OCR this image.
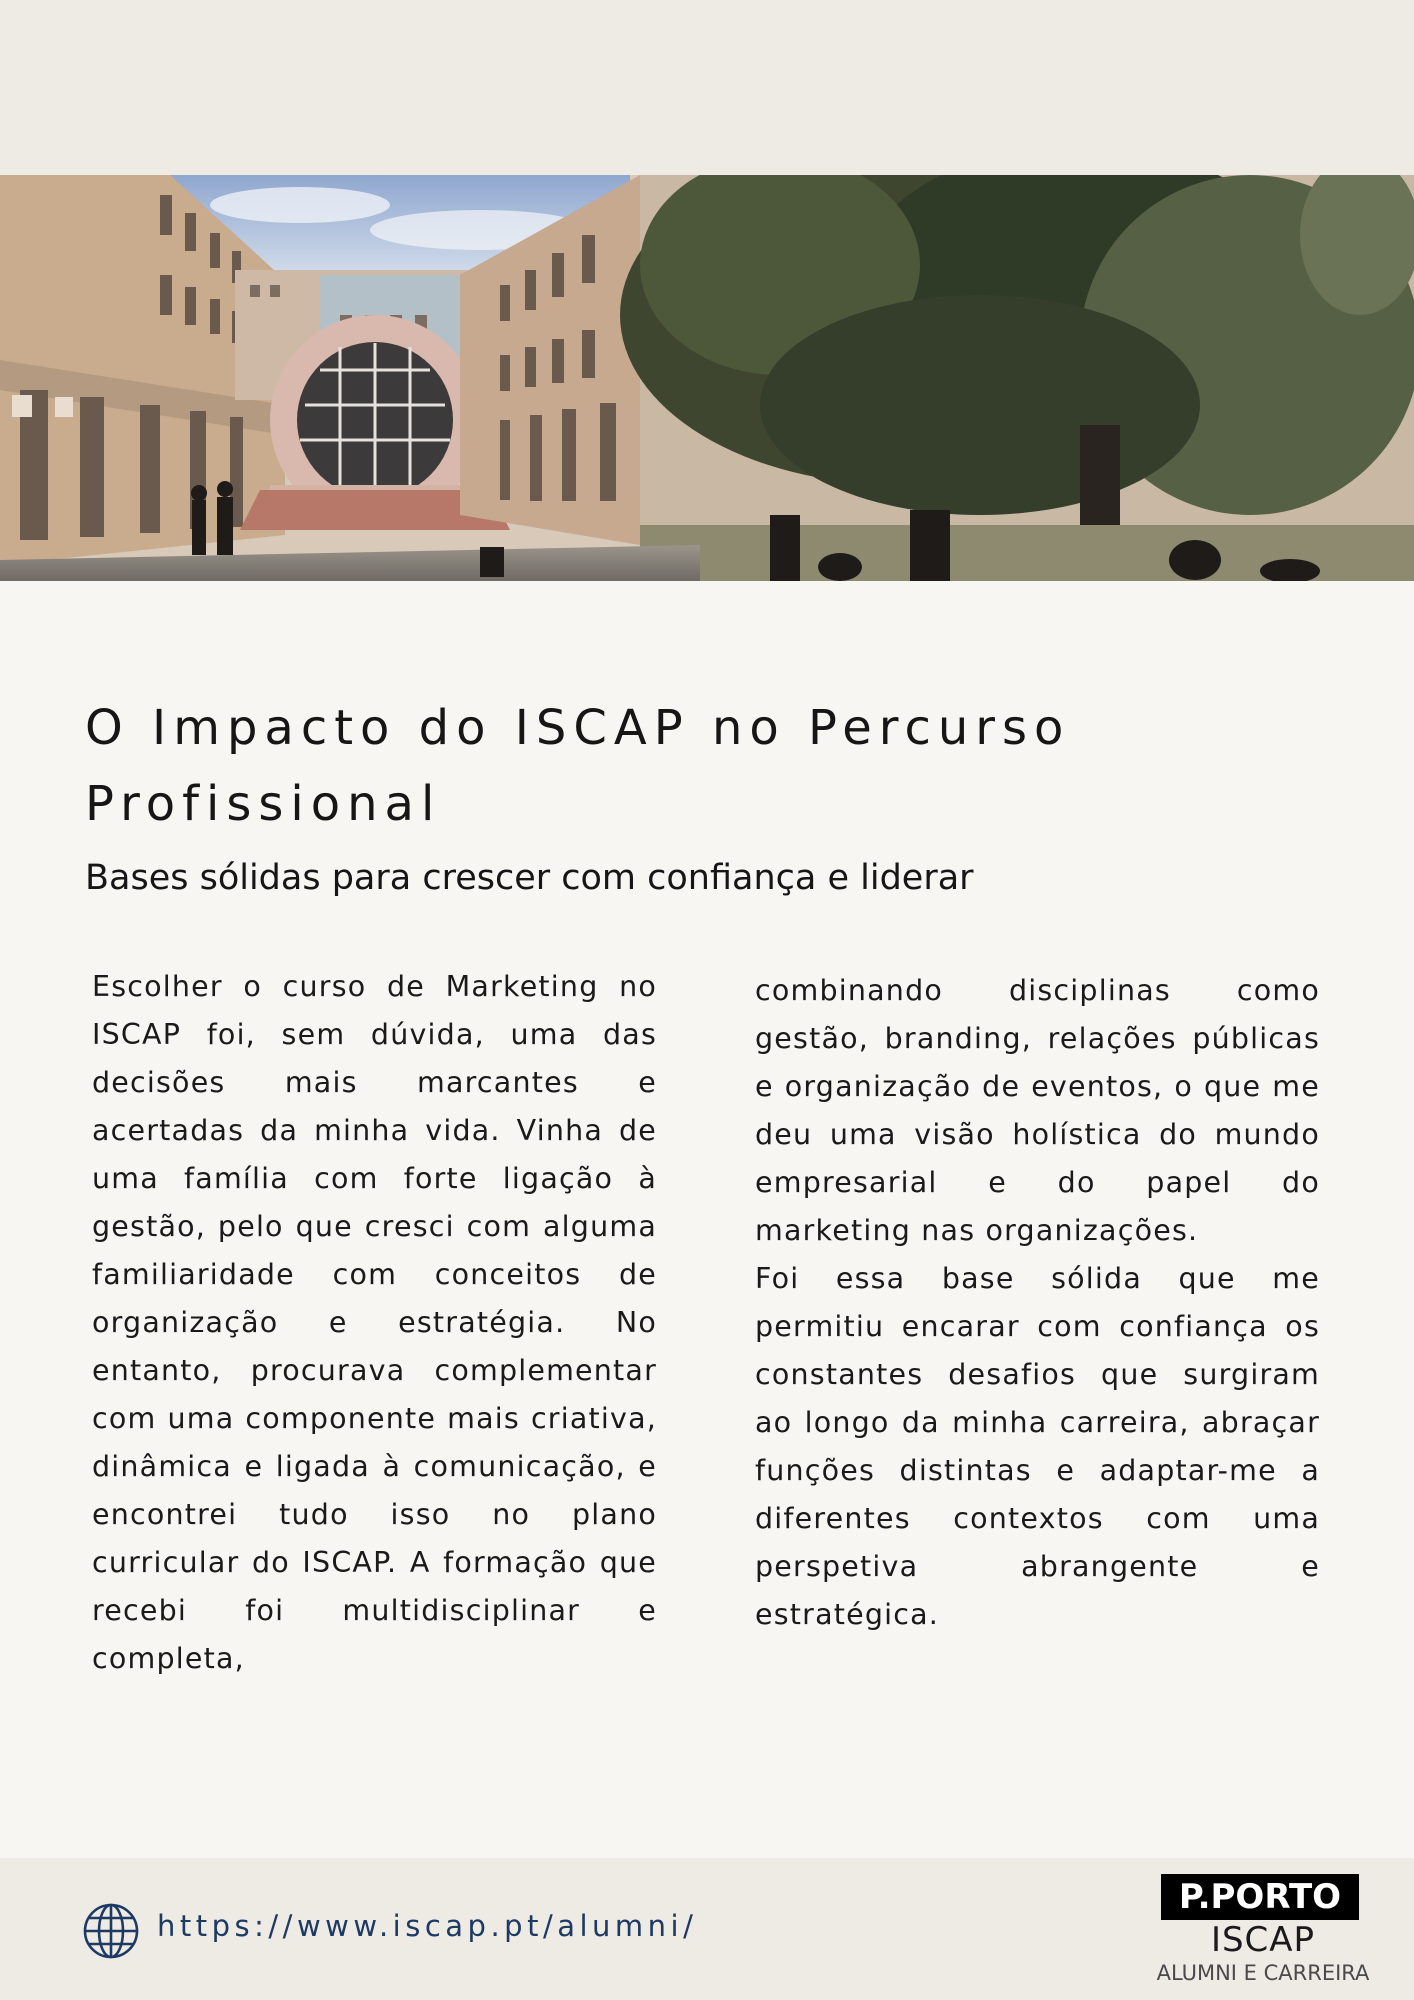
O Impacto do ISCAP no Percurso Profissional
Bases sólidas para crescer com confiança e liderar

Escolher o curso de Marketing no ISCAP foi, sem dúvida, uma das decisões mais marcantes e acertadas da minha vida. Vinha de uma família com forte ligação à gestão, pelo que cresci com alguma familiaridade com conceitos de organização e estratégia. No entanto, procurava complementar com uma componente mais criativa, dinâmica e ligada à comunicação, e encontrei tudo isso no plano curricular do ISCAP. A formação que recebi foi multidisciplinar e completa,

combinando disciplinas como gestão, branding, relações públicas e organização de eventos, o que me deu uma visão holística do mundo empresarial e do papel do marketing nas organizações.

Foi essa base sólida que me permitiu encarar com confiança os constantes desafios que surgiram ao longo da minha carreira, abraçar funções distintas e adaptar-me a diferentes contextos com uma perspetiva abrangente e estratégica.

https://www.iscap.pt/alumni/
P.PORTO
ISCAP
ALUMNI E CARREIRA
